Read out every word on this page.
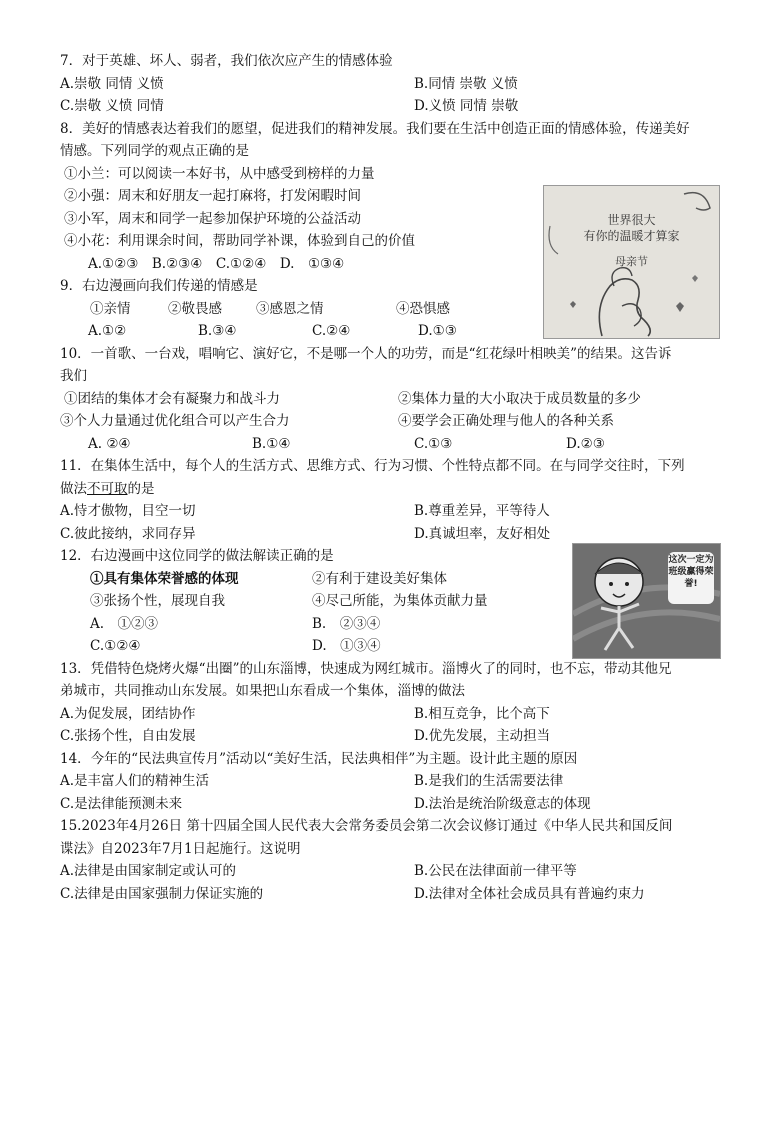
7．对于英雄、坏人、弱者，我们依次应产生的情感体验
A.崇敬 同情 义愤	B.同情 崇敬 义愤
C.崇敬 义愤 同情	D.义愤 同情 崇敬
8．美好的情感表达着我们的愿望，促进我们的精神发展。我们要在生活中创造正面的情感体验，传递美好
情感。下列同学的观点正确的是
①小兰：可以阅读一本好书，从中感受到榜样的力量
②小强：周末和好朋友一起打麻将，打发闲暇时间
③小军，周末和同学一起参加保护环境的公益活动
④小花：利用课余时间，帮助同学补课，体验到自己的价值
A.①②③　B.②③④　C.①②④　D.　①③④
9．右边漫画向我们传递的情感是
①亲情	②敬畏感	③感恩之情	④恐惧感
A.①②	B.③④	C.②④	D.①③
10．一首歌、一台戏，唱响它、演好它，不是哪一个人的功劳，而是“红花绿叶相映美”的结果。这告诉
我们
①团结的集体才会有凝聚力和战斗力	②集体力量的大小取决于成员数量的多少
③个人力量通过优化组合可以产生合力	④要学会正确处理与他人的各种关系
A. ②④	B.①④	C.①③	D.②③
11．在集体生活中，每个人的生活方式、思维方式、行为习惯、个性特点都不同。在与同学交往时，下列
做法不可取的是
A.恃才傲物，目空一切	B.尊重差异，平等待人
C.彼此接纳，求同存异	D.真诚坦率，友好相处
12．右边漫画中这位同学的做法解读正确的是
①具有集体荣誉感的体现	②有利于建设美好集体
③张扬个性，展现自我	④尽己所能，为集体贡献力量
A.　①②③	B.　②③④
C.①②④	D.　①③④
13．凭借特色烧烤火爆“出圈”的山东淄博，快速成为网红城市。淄博火了的同时，也不忘，带动其他兄
弟城市，共同推动山东发展。如果把山东看成一个集体，淄博的做法
A.为促发展，团结协作	B.相互竞争，比个高下
C.张扬个性，自由发展	D.优先发展，主动担当
14．今年的“民法典宣传月”活动以“美好生活，民法典相伴”为主题。设计此主题的原因
A.是丰富人们的精神生活	B.是我们的生活需要法律
C.是法律能预测未来	D.法治是统治阶级意志的体现
15.2023年4月26日 第十四届全国人民代表大会常务委员会第二次会议修订通过《中华人民共和国反间
谍法》自2023年7月1日起施行。这说明
A.法律是由国家制定或认可的	B.公民在法律面前一律平等
C.法律是由国家强制力保证实施的	D.法律对全体社会成员具有普遍约束力
世界很大
有你的温暖才算家
母亲节
这次一定为班级赢得荣誉!
